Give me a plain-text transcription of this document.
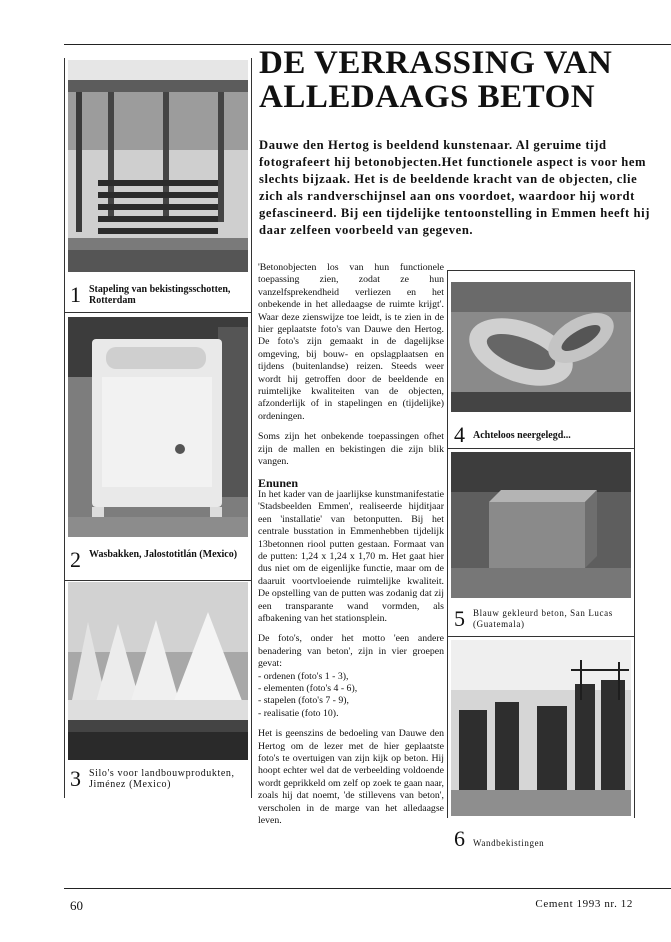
1 Stapeling van bekistingsschotten, Rotterdam
2 Wasbakken, Jalostotitlán (Mexico)
3 Silo's voor landbouwprodukten, Jiménez (Mexico)
DE VERRASSING VAN ALLEDAAGS BETON
Dauwe den Hertog is beeldend kunstenaar. Al geruime tijd fotografeert hij betonobjecten.Het functionele aspect is voor hem slechts bijzaak. Het is de beeldende kracht van de objecten, clie zich als randverschijnsel aan ons voordoet, waardoor hij wordt gefascineerd. Bij een tijdelijke tentoonstelling in Emmen heeft hij daar zelfeen voorbeeld van gegeven.

'Betonobjecten los van hun functionele toepassing zien, zodat ze hun vanzelfsprekendheid verliezen en het onbekende in het alledaagse de ruimte krijgt'. Waar deze zienswijze toe leidt, is te zien in de hier geplaatste foto's van Dauwe den Hertog. De foto's zijn gemaakt in de dagelijkse omgeving, bij bouw- en opslagplaatsen en tijdens (buitenlandse) reizen. Steeds weer wordt hij getroffen door de beeldende en ruimtelijke kwaliteiten van de objecten, afzonderlijk of in stapelingen en (tijdelijke) ordeningen.

Soms zijn het onbekende toepassingen ofhet zijn de mallen en bekistingen die zijn blik vangen.

Enunen

In het kader van de jaarlijkse kunstmanifestatie 'Stadsbeelden Emmen', realiseerde hijditjaar een 'installatie' van betonputten. Bij het centrale busstation in Emmenhebben tijdelijk 13betonnen riool putten gestaan. Formaat van de putten: 1,24 x 1,24 x 1,70 m. Het gaat hier dus niet om de eigenlijke functie, maar om de daaruit voortvloeiende ruimtelijke kwaliteit. De opstelling van de putten was zodanig dat zij een transparante wand vormden, als afbakening van het stationsplein.

De foto's, onder het motto 'een andere benadering van beton', zijn in vier groepen gevat:

- ordenen (foto's 1 - 3),
- elementen (foto's 4 - 6),
- stapelen (foto's 7 - 9),
- realisatie (foto 10).

Het is geenszins de bedoeling van Dauwe den Hertog om de lezer met de hier geplaatste foto's te overtuigen van zijn kijk op beton. Hij hoopt echter wel dat de verbeelding voldoende wordt geprikkeld om zelf op zoek te gaan naar, zoals hij dat noemt, 'de stillevens van beton', verscholen in de marge van het alledaagse leven.

4 Achteloos neergelegd...
5 Blauw gekleurd beton, San Lucas (Guatemala)
6 Wandbekistingen
60	Cement 1993 nr. 12
